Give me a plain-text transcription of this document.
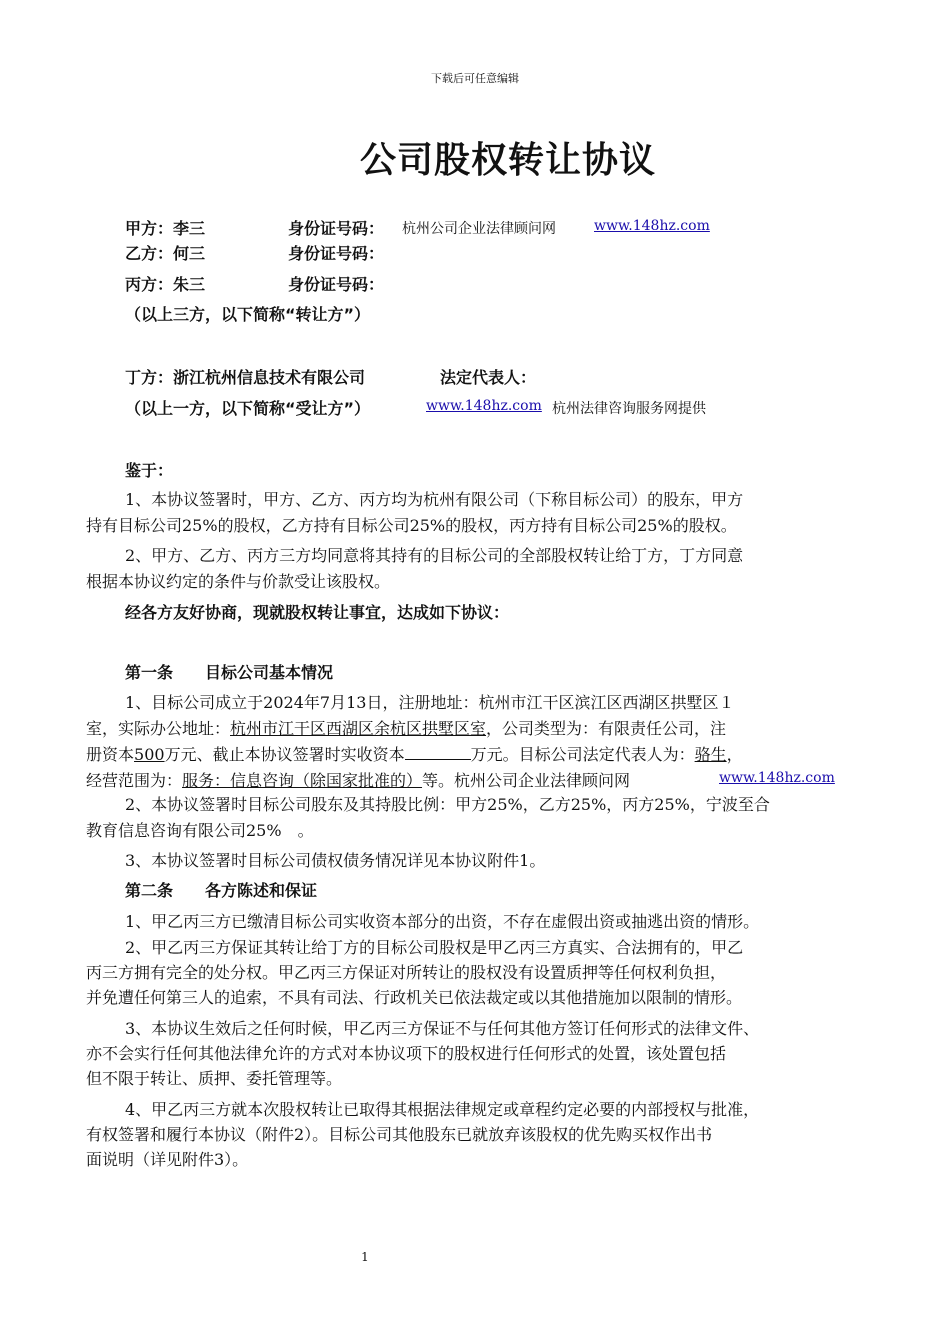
下载后可任意编辑
公司股权转让协议
甲方：李三	身份证号码： 杭州公司企业法律顾问网	www.148hz.com
乙方：何三	身份证号码：
丙方：朱三	身份证号码：
（以上三方，以下简称“转让方”）
丁方：浙江杭州信息技术有限公司	法定代表人：
（以上一方，以下简称“受让方”）	www.148hz.com 杭州法律咨询服务网提供
鉴于：
1、本协议签署时，甲方、乙方、丙方均为杭州有限公司（下称目标公司）的股东，甲方
持有目标公司25%的股权，乙方持有目标公司25%的股权，丙方持有目标公司25%的股权。
2、甲方、乙方、丙方三方均同意将其持有的目标公司的全部股权转让给丁方，丁方同意
根据本协议约定的条件与价款受让该股权。
经各方友好协商，现就股权转让事宜，达成如下协议：
第一条　　目标公司基本情况
1、目标公司成立于2024年7月13日，注册地址：杭州市江干区滨江区西湖区拱墅区１
室，实际办公地址：杭州市江干区西湖区余杭区拱墅区室，公司类型为：有限责任公司，注
册资本500万元、截止本协议签署时实收资本	万元。目标公司法定代表人为：骆生，
经营范围为：服务：信息咨询（除国家批准的）等。杭州公司企业法律顾问网	www.148hz.com
2、本协议签署时目标公司股东及其持股比例：甲方25%，乙方25%，丙方25%，宁波至合
教育信息咨询有限公司25%　。
3、本协议签署时目标公司债权债务情况详见本协议附件1。
第二条　　各方陈述和保证
1、甲乙丙三方已缴清目标公司实收资本部分的出资，不存在虚假出资或抽逃出资的情形。
2、甲乙丙三方保证其转让给丁方的目标公司股权是甲乙丙三方真实、合法拥有的，甲乙
丙三方拥有完全的处分权。甲乙丙三方保证对所转让的股权没有设置质押等任何权利负担，
并免遭任何第三人的追索，不具有司法、行政机关已依法裁定或以其他措施加以限制的情形。
3、本协议生效后之任何时候，甲乙丙三方保证不与任何其他方签订任何形式的法律文件、
亦不会实行任何其他法律允许的方式对本协议项下的股权进行任何形式的处置，该处置包括
但不限于转让、质押、委托管理等。
4、甲乙丙三方就本次股权转让已取得其根据法律规定或章程约定必要的内部授权与批准，
有权签署和履行本协议（附件2）。目标公司其他股东已就放弃该股权的优先购买权作出书
面说明（详见附件3）。
1
